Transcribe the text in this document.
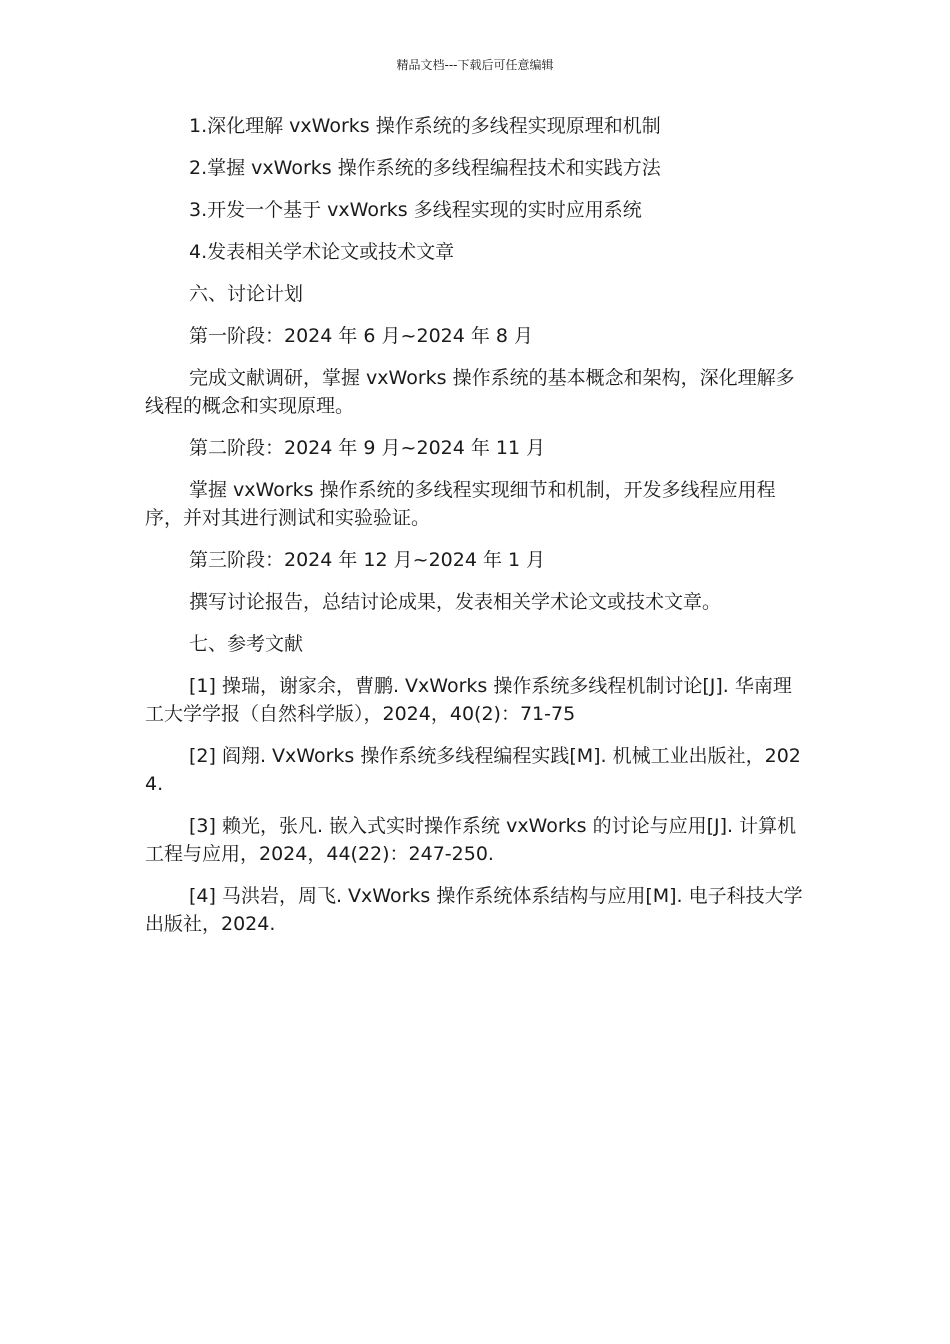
精品文档---下载后可任意编辑

1.深化理解 vxWorks 操作系统的多线程实现原理和机制

2.掌握 vxWorks 操作系统的多线程编程技术和实践方法

3.开发一个基于 vxWorks 多线程实现的实时应用系统

4.发表相关学术论文或技术文章

六、讨论计划

第一阶段：2024 年 6 月~2024 年 8 月

完成文献调研，掌握 vxWorks 操作系统的基本概念和架构，深化理解多线程的概念和实现原理。

第二阶段：2024 年 9 月~2024 年 11 月

掌握 vxWorks 操作系统的多线程实现细节和机制，开发多线程应用程序，并对其进行测试和实验验证。

第三阶段：2024 年 12 月~2024 年 1 月

撰写讨论报告，总结讨论成果，发表相关学术论文或技术文章。

七、参考文献

[1] 操瑞，谢家余，曹鹏. VxWorks 操作系统多线程机制讨论[J]. 华南理工大学学报（自然科学版），2024，40(2)：71-75

[2] 阎翔. VxWorks 操作系统多线程编程实践[M]. 机械工业出版社，2024.

[3] 赖光，张凡. 嵌入式实时操作系统 vxWorks 的讨论与应用[J]. 计算机工程与应用，2024，44(22)：247-250.

[4] 马洪岩，周飞. VxWorks 操作系统体系结构与应用[M]. 电子科技大学出版社，2024.
